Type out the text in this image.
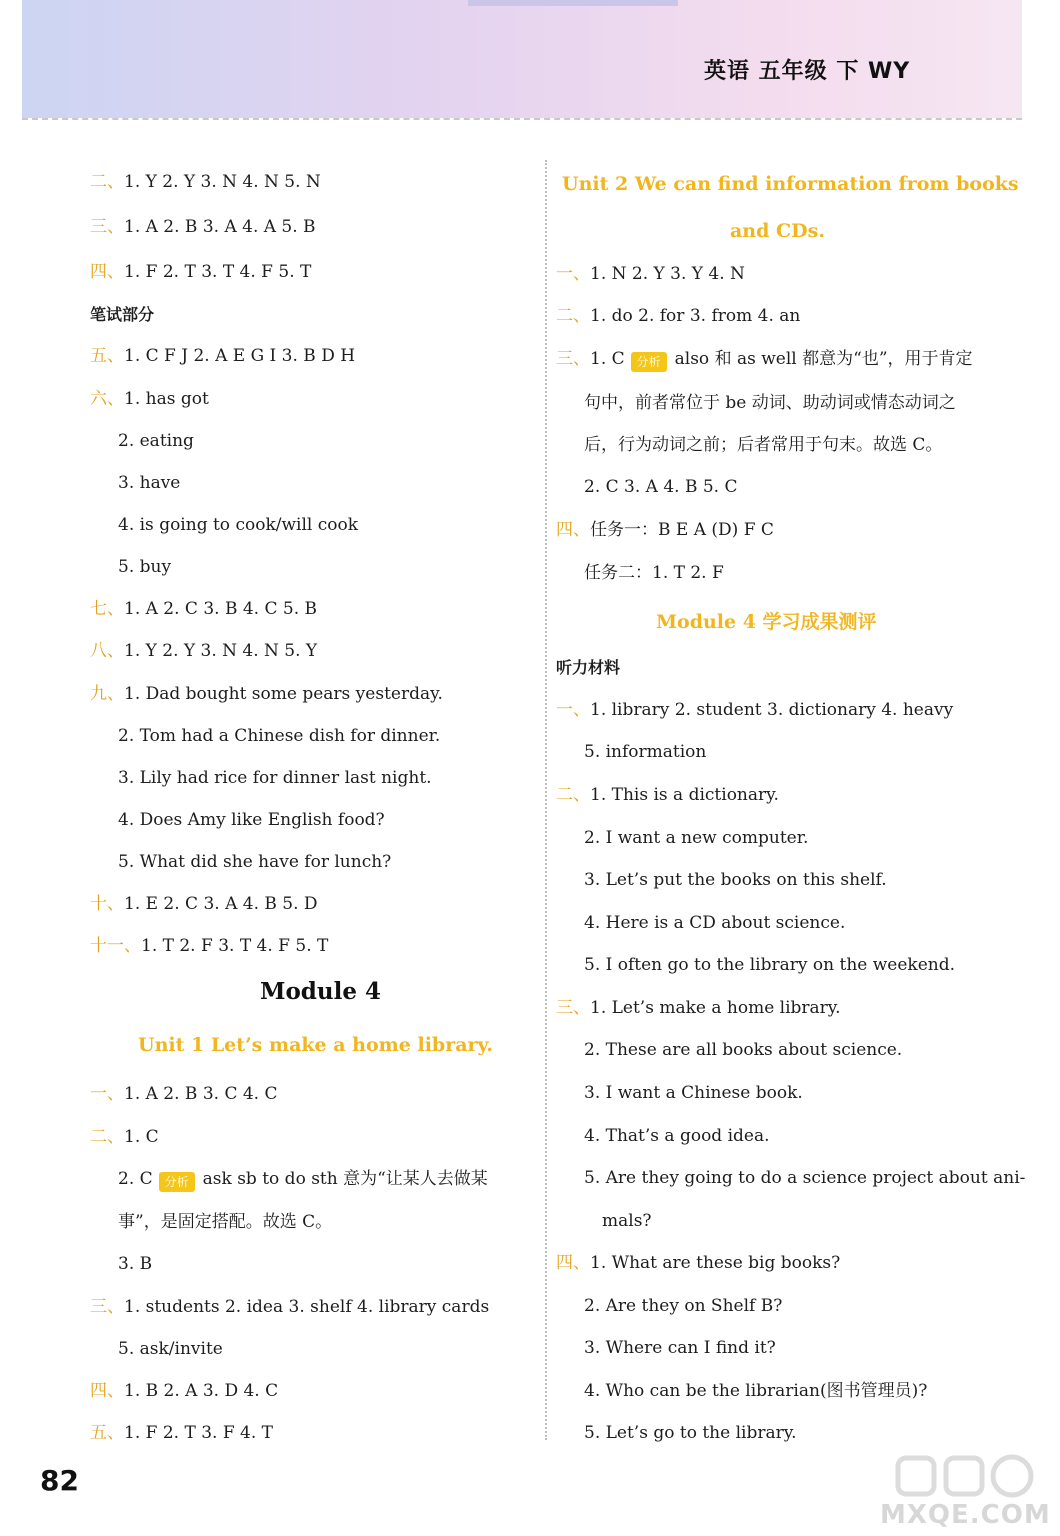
英语 五年级 下 WY
二、1. Y 2. Y 3. N 4. N 5. N
三、1. A 2. B 3. A 4. A 5. B
四、1. F 2. T 3. T 4. F 5. T
笔试部分
五、1. C F J 2. A E G I 3. B D H
六、1. has got
2. eating
3. have
4. is going to cook/will cook
5. buy
七、1. A 2. C 3. B 4. C 5. B
八、1. Y 2. Y 3. N 4. N 5. Y
九、1. Dad bought some pears yesterday.
2. Tom had a Chinese dish for dinner.
3. Lily had rice for dinner last night.
4. Does Amy like English food?
5. What did she have for lunch?
十、1. E 2. C 3. A 4. B 5. D
十一、1. T 2. F 3. T 4. F 5. T
Module 4
Unit 1 Let’s make a home library.
一、1. A 2. B 3. C 4. C
二、1. C
2. C 分析 ask sb to do sth 意为“让某人去做某
事”，是固定搭配。故选 C。
3. B
三、1. students 2. idea 3. shelf 4. library cards
5. ask/invite
四、1. B 2. A 3. D 4. C
五、1. F 2. T 3. F 4. T
Unit 2 We can find information from books
and CDs.
一、1. N 2. Y 3. Y 4. N
二、1. do 2. for 3. from 4. an
三、1. C 分析 also 和 as well 都意为“也”，用于肯定
句中，前者常位于 be 动词、助动词或情态动词之
后，行为动词之前；后者常用于句末。故选 C。
2. C 3. A 4. B 5. C
四、任务一：B E A (D) F C
任务二：1. T 2. F
Module 4 学习成果测评
听力材料
一、1. library 2. student 3. dictionary 4. heavy
5. information
二、1. This is a dictionary.
2. I want a new computer.
3. Let’s put the books on this shelf.
4. Here is a CD about science.
5. I often go to the library on the weekend.
三、1. Let’s make a home library.
2. These are all books about science.
3. I want a Chinese book.
4. That’s a good idea.
5. Are they going to do a science project about ani-
mals?
四、1. What are these big books?
2. Are they on Shelf B?
3. Where can I find it?
4. Who can be the librarian(图书管理员)?
5. Let’s go to the library.
82
MXQE.COM
